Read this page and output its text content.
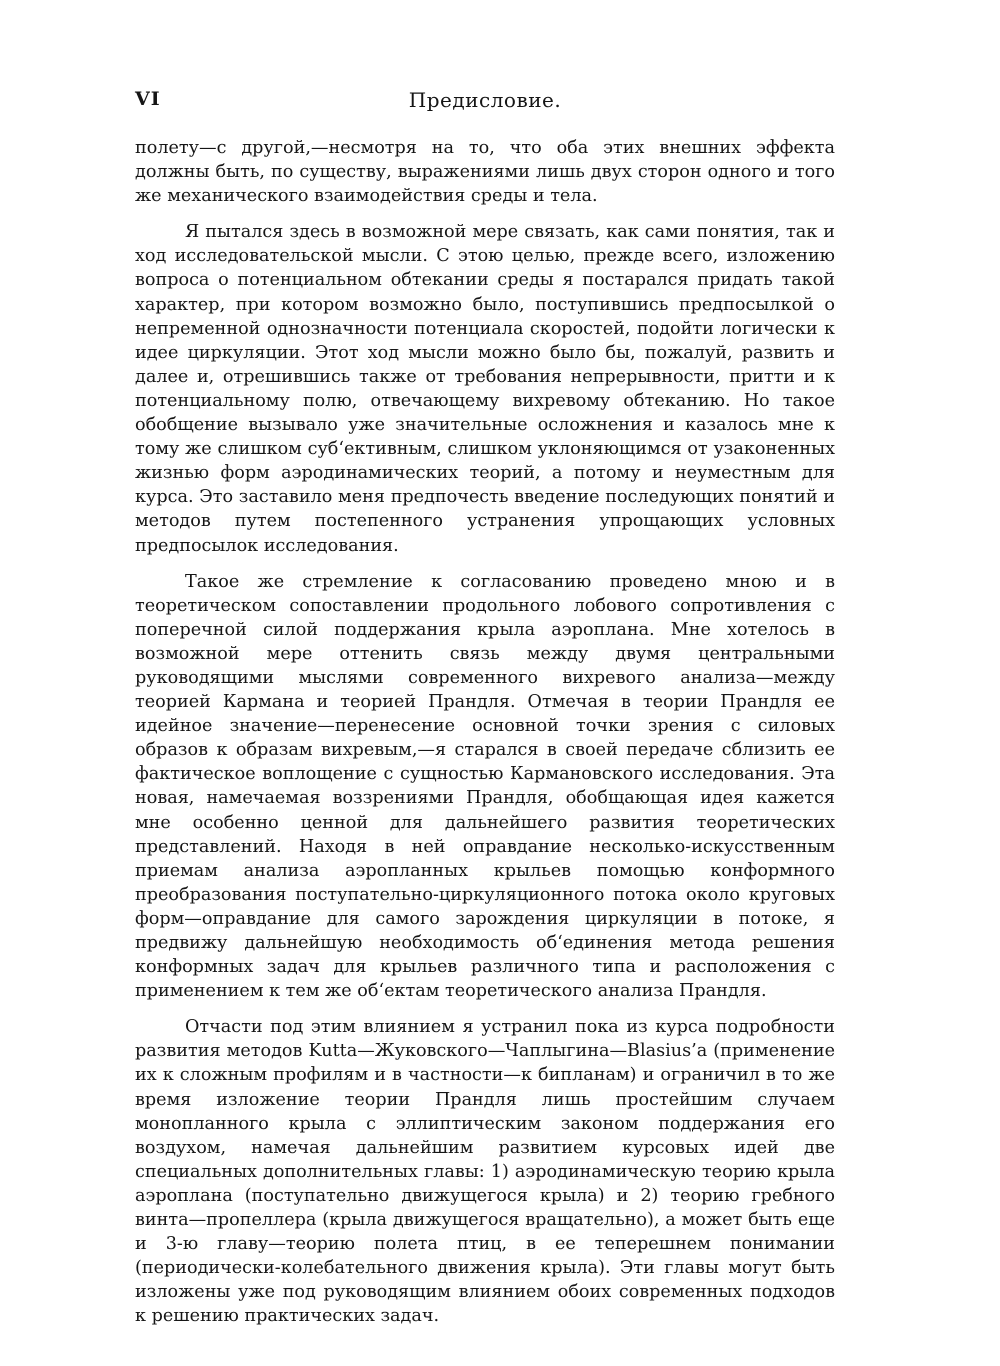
VI	Предисловие.

полету—с другой,—несмотря на то, что оба этих внешних эффекта должны быть, по существу, выражениями лишь двух сторон одного и того же механического взаимодействия среды и тела.

Я пытался здесь в возможной мере связать, как сами понятия, так и ход исследовательской мысли. С этою целью, прежде всего, изложению вопроса о потенциальном обтекании среды я постарался придать такой характер, при котором возможно было, поступившись предпосылкой о непременной однозначности потенциала скоростей, подойти логически к идее циркуляции. Этот ход мысли можно было бы, пожалуй, развить и далее и, отрешившись также от требования непрерывности, притти и к потенциальному полю, отвечающему вихревому обтеканию. Но такое обобщение вызывало уже значительные осложнения и казалось мне к тому же слишком суб‘ективным, слишком уклоняющимся от узаконенных жизнью форм аэродинамических теорий, а потому и неуместным для курса. Это заставило меня предпочесть введение последующих понятий и методов путем постепенного устранения упрощающих условных предпосылок исследования.

Такое же стремление к согласованию проведено мною и в теоретическом сопоставлении продольного лобового сопротивления с поперечной силой поддержания крыла аэроплана. Мне хотелось в возможной мере оттенить связь между двумя центральными руководящими мыслями современного вихревого анализа—между теорией Кармана и теорией Прандля. Отмечая в теории Прандля ее идейное значение—перенесение основной точки зрения с силовых образов к образам вихревым,—я старался в своей передаче сблизить ее фактическое воплощение с сущностью Кармановского исследования. Эта новая, намечаемая воззрениями Прандля, обобщающая идея кажется мне особенно ценной для дальнейшего развития теоретических представлений. Находя в ней оправдание несколько-искусственным приемам анализа аэропланных крыльев помощью конформного преобразования поступательно-циркуляционного потока около круговых форм—оправдание для самого зарождения циркуляции в потоке, я предвижу дальнейшую необходимость об‘единения метода решения конформных задач для крыльев различного типа и расположения с применением к тем же об‘ектам теоретического анализа Прандля.

Отчасти под этим влиянием я устранил пока из курса подробности развития методов Kutta—Жуковского—Чаплыгина—Blasius’а (применение их к сложным профилям и в частности—к бипланам) и ограничил в то же время изложение теории Прандля лишь простейшим случаем монопланного крыла с эллиптическим законом поддержания его воздухом, намечая дальнейшим развитием курсовых идей две специальных дополнительных главы: 1) аэродинамическую теорию крыла аэроплана (поступательно движущегося крыла) и 2) теорию гребного винта—пропеллера (крыла движущегося вращательно), а может быть еще и 3-ю главу—теорию полета птиц, в ее теперешнем понимании (периодически-колебательного движения крыла). Эти главы могут быть изложены уже под руководящим влиянием обоих современных подходов к решению практических задач.
